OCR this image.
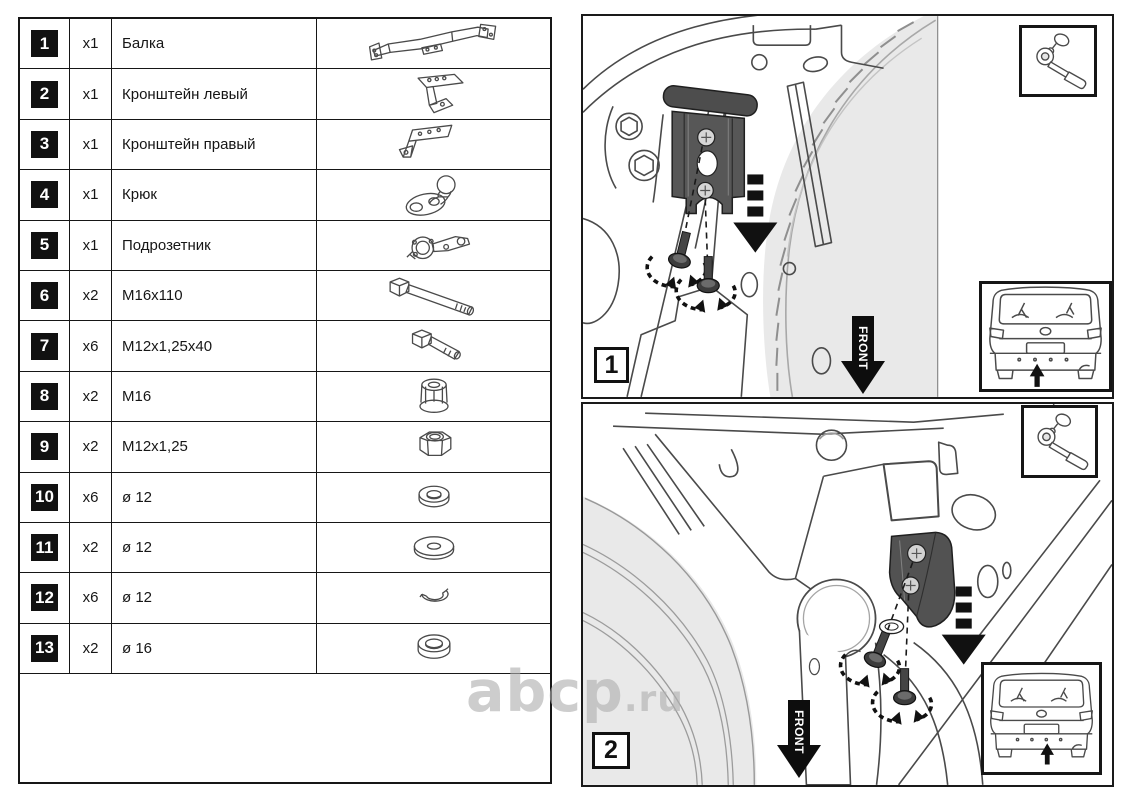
1	x1	Балка
2	x1	Кронштейн левый
3	x1	Кронштейн правый
4	x1	Крюк
5	x1	Подрозетник
6	x2	M16x110
7	x6	M12x1,25x40
8	x2	M16
9	x2	M12x1,25
10	x6	ø 12
11	x2	ø 12
12	x6	ø 12
13	x2	ø 16
FRONT
1
FRONT
2
abcp .ru
